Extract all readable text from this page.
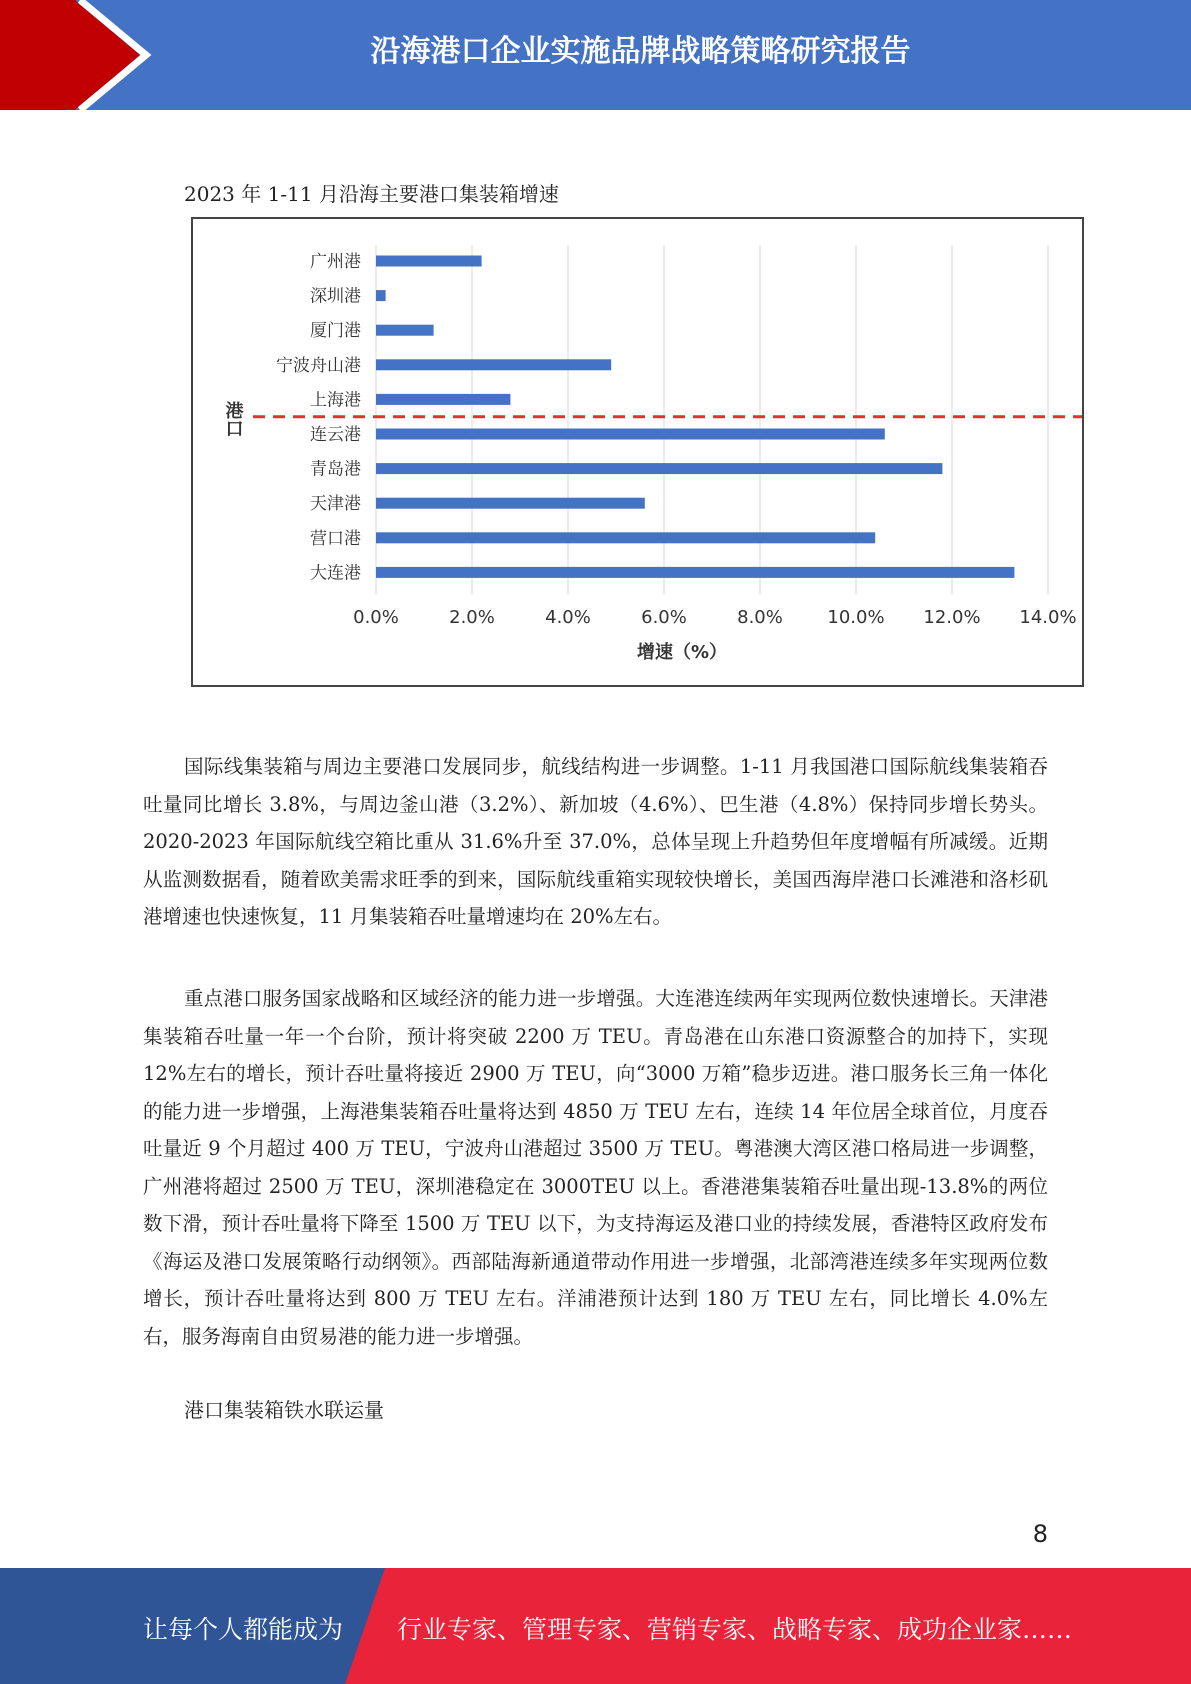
沿海港口企业实施品牌战略策略研究报告
2023 年 1-11 月沿海主要港口集装箱增速
0.0%	2.0%	4.0%	6.0%	8.0% 10.0% 12.0% 14.0%
广州港
深圳港
厦门港
宁波舟山港
上海港
连云港
青岛港
天津港
营口港
大连港
增速（%）
港口
国际线集装箱与周边主要港口发展同步，航线结构进一步调整。1-11 月我国港口国际航线集装箱吞吐量同比增长 3.8%，与周边釜山港（3.2%）、新加坡（4.6%）、巴生港（4.8%）保持同步增长势头。2020-2023 年国际航线空箱比重从 31.6%升至 37.0%，总体呈现上升趋势但年度增幅有所减缓。近期从监测数据看，随着欧美需求旺季的到来，国际航线重箱实现较快增长，美国西海岸港口长滩港和洛杉矶港增速也快速恢复，11 月集装箱吞吐量增速均在 20%左右。
重点港口服务国家战略和区域经济的能力进一步增强。大连港连续两年实现两位数快速增长。天津港集装箱吞吐量一年一个台阶，预计将突破 2200 万 TEU。青岛港在山东港口资源整合的加持下，实现 12%左右的增长，预计吞吐量将接近 2900 万 TEU，向“3000 万箱”稳步迈进。港口服务长三角一体化的能力进一步增强，上海港集装箱吞吐量将达到 4850 万 TEU 左右，连续 14 年位居全球首位，月度吞吐量近 9 个月超过 400 万 TEU，宁波舟山港超过 3500 万 TEU。粤港澳大湾区港口格局进一步调整，广州港将超过 2500 万 TEU，深圳港稳定在 3000TEU 以上。香港港集装箱吞吐量出现-13.8%的两位数下滑，预计吞吐量将下降至 1500 万 TEU 以下，为支持海运及港口业的持续发展，香港特区政府发布《海运及港口发展策略行动纲领》。西部陆海新通道带动作用进一步增强，北部湾港连续多年实现两位数增长，预计吞吐量将达到 800 万 TEU 左右。洋浦港预计达到 180 万 TEU 左右，同比增长 4.0%左右，服务海南自由贸易港的能力进一步增强。
港口集装箱铁水联运量
8
让每个人都能成为 行业专家、管理专家、营销专家、战略专家、成功企业家……
